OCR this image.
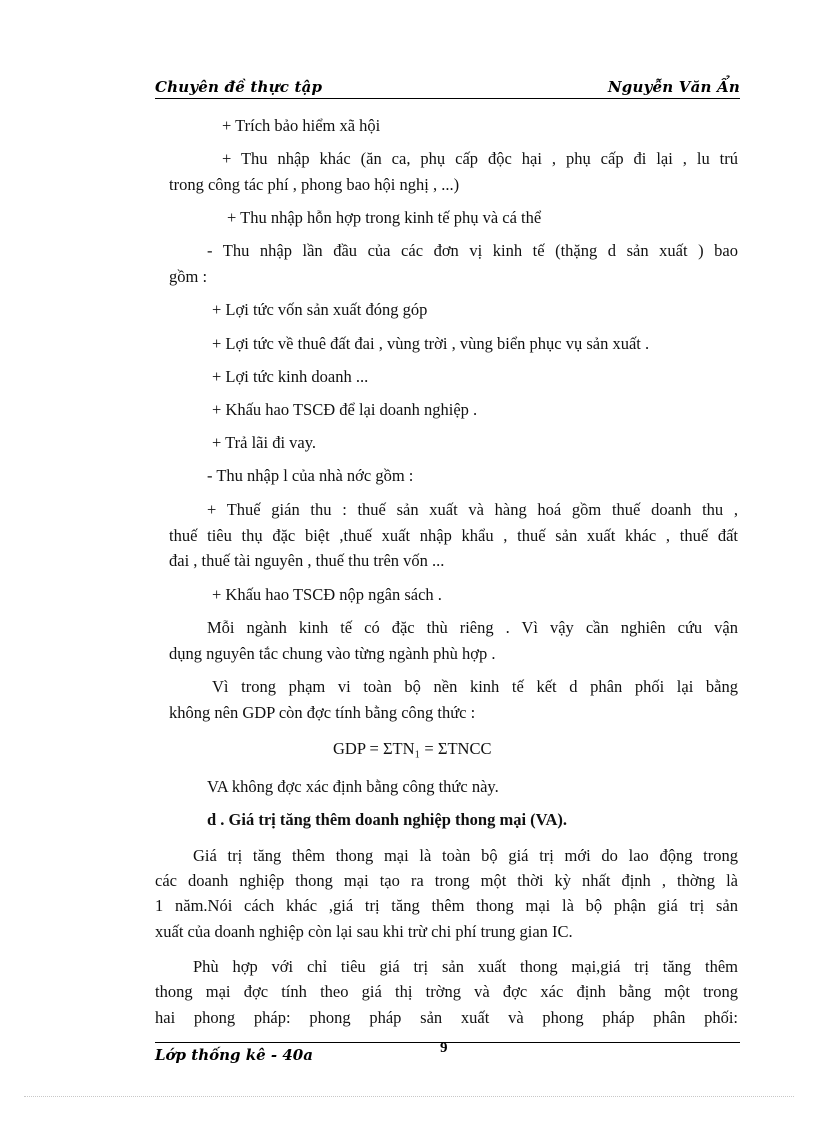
Chuyên đề thực tập	Nguyễn Văn Ẩn
+ Trích bảo hiểm xã hội
+ Thu nhập khác (ăn ca, phụ cấp độc hại , phụ cấp đi lại , lu trú
trong công tác phí , phong bao hội nghị , ...)
+ Thu nhập hỗn hợp trong kinh tế phụ và cá thể
- Thu nhập lần đầu của các đơn vị kinh tế (thặng d sản xuất ) bao
gồm :
+ Lợi tức vốn sản xuất đóng góp
+ Lợi tức về thuê đất đai , vùng trời , vùng biển phục vụ sản xuất .
+ Lợi tức kinh doanh ...
+ Khấu hao TSCĐ để lại doanh nghiệp .
+ Trả lãi đi vay.
- Thu nhập l của nhà nớc gồm :
+ Thuế gián thu : thuế sản xuất và hàng hoá gồm thuế doanh thu ,
thuế tiêu thụ đặc biệt ,thuế xuất nhập khẩu , thuế sản xuất khác , thuế đất
đai , thuế tài nguyên , thuế thu trên vốn ...
+ Khấu hao TSCĐ nộp ngân sách .
Mỗi ngành kinh tế có đặc thù riêng . Vì vậy cần nghiên cứu vận
dụng nguyên tắc chung vào từng ngành phù hợp .
Vì trong phạm vi toàn bộ nền kinh tế kết d phân phối lại bằng
không nên GDP còn đợc tính bằng công thức :
GDP = ΣTN₁ = ΣTNCC
VA không đợc xác định bằng công thức này.
d . Giá trị tăng thêm doanh nghiệp thong mại (VA).
Giá trị tăng thêm thong mại là toàn bộ giá trị mới do lao động trong
các doanh nghiệp thong mại tạo ra trong một thời kỳ nhất định , thờng là
1 năm.Nói cách khác ,giá trị tăng thêm thong mại là bộ phận giá trị sản
xuất của doanh nghiệp còn lại sau khi trừ chi phí trung gian IC.
Phù hợp với chỉ tiêu giá trị sản xuất thong mại,giá trị tăng thêm
thong mại đợc tính theo giá thị trờng và đợc xác định bằng một trong
hai phong pháp: phong pháp sản xuất và phong pháp phân phối:
Lớp thống kê - 40a	9
